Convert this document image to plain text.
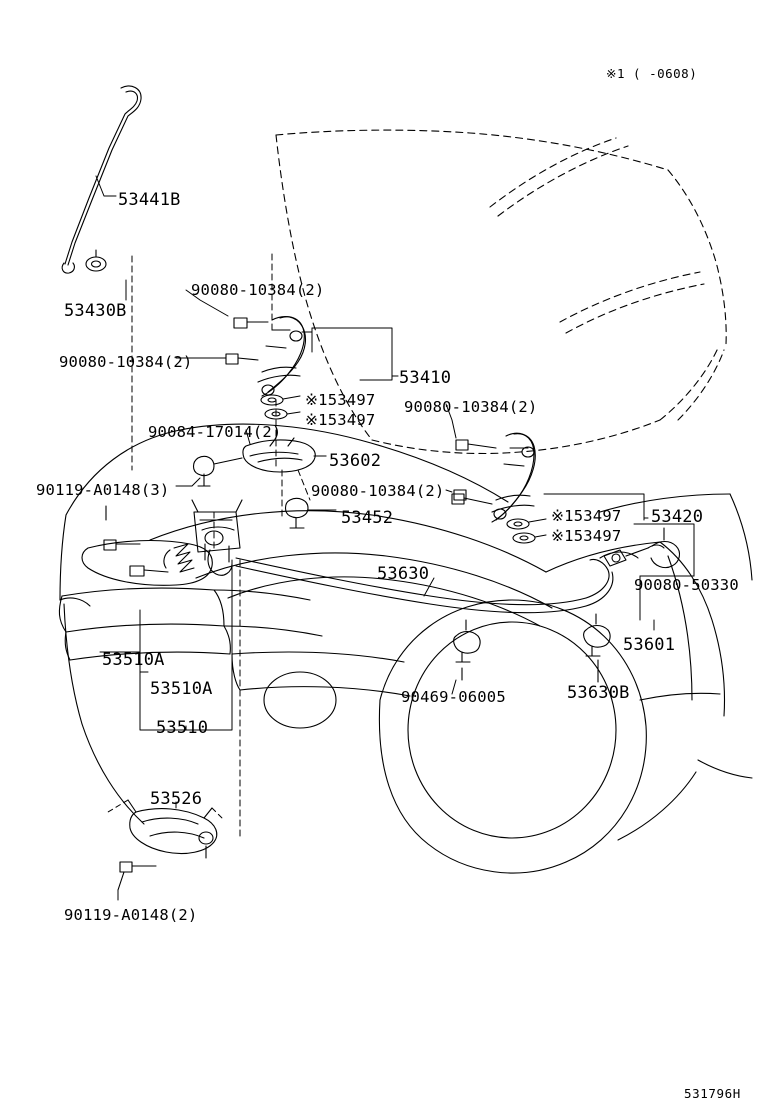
※1 ( -0608)
53441B
53430B
90080-10384(2)
90080-10384(2)
53410
※153497
※153497
90080-10384(2)
90084-17014(2)
53602
90119-A0148(3)	90080-10384(2)
53452	※153497 53420
※153497
53630
90080-50330
53601
53510A
53510A	90469-06005	53630B
53510
53526
90119-A0148(2)
531796H
